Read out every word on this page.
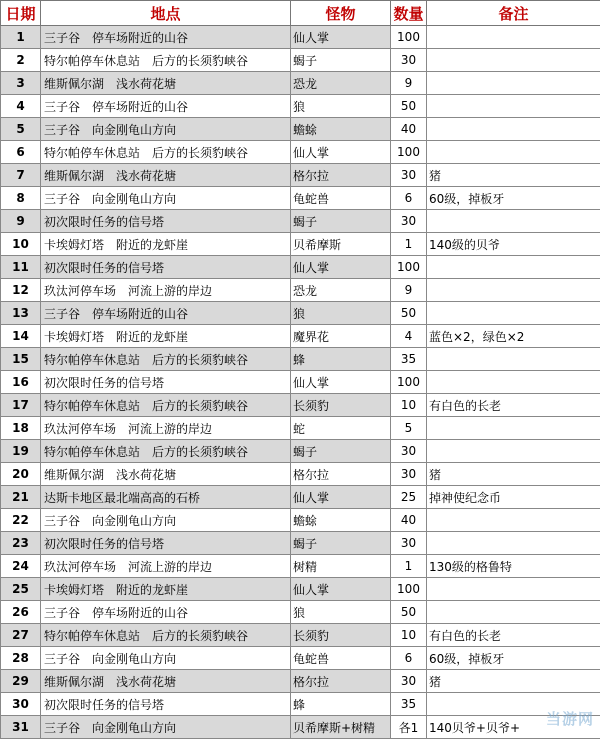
日期	地点	怪物	数量	备注
1	三子谷　停车场附近的山谷	仙人掌	100	
2	特尔帕停车休息站　后方的长须豹峡谷	蝎子	30	
3	维斯佩尔湖　浅水荷花塘	恐龙	9	
4	三子谷　停车场附近的山谷	狼	50	
5	三子谷　向金刚龟山方向	蟾蜍	40	
6	特尔帕停车休息站　后方的长须豹峡谷	仙人掌	100	
7	维斯佩尔湖　浅水荷花塘	格尔拉	30	猪
8	三子谷　向金刚龟山方向	龟蛇兽	6	60级，掉板牙
9	初次限时任务的信号塔	蝎子	30	
10	卡埃姆灯塔　附近的龙虾崖	贝希摩斯	1	140级的贝爷
11	初次限时任务的信号塔	仙人掌	100	
12	玖汰河停车场　河流上游的岸边	恐龙	9	
13	三子谷　停车场附近的山谷	狼	50	
14	卡埃姆灯塔　附近的龙虾崖	魔界花	4	蓝色×2，绿色×2
15	特尔帕停车休息站　后方的长须豹峡谷	蜂	35	
16	初次限时任务的信号塔	仙人掌	100	
17	特尔帕停车休息站　后方的长须豹峡谷	长须豹	10	有白色的长老
18	玖汰河停车场　河流上游的岸边	蛇	5	
19	特尔帕停车休息站　后方的长须豹峡谷	蝎子	30	
20	维斯佩尔湖　浅水荷花塘	格尔拉	30	猪
21	达斯卡地区最北端高高的石桥	仙人掌	25	掉神使纪念币
22	三子谷　向金刚龟山方向	蟾蜍	40	
23	初次限时任务的信号塔	蝎子	30	
24	玖汰河停车场　河流上游的岸边	树精	1	130级的格鲁特
25	卡埃姆灯塔　附近的龙虾崖	仙人掌	100	
26	三子谷　停车场附近的山谷	狼	50	
27	特尔帕停车休息站　后方的长须豹峡谷	长须豹	10	有白色的长老
28	三子谷　向金刚龟山方向	龟蛇兽	6	60级，掉板牙
29	维斯佩尔湖　浅水荷花塘	格尔拉	30	猪
30	初次限时任务的信号塔	蜂	35	
31	三子谷　向金刚龟山方向	贝希摩斯+树精	各1	140贝爷+贝爷+ 当游网
